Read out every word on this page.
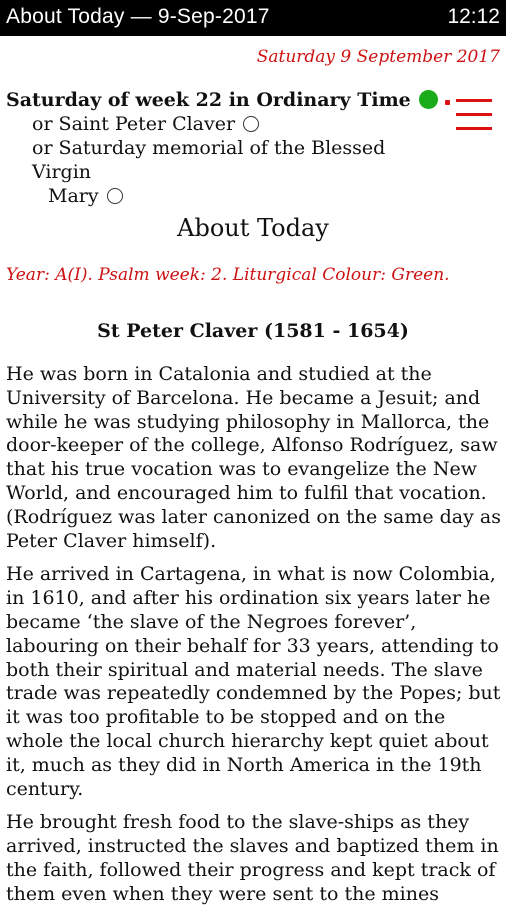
About Today — 9-Sep-2017	12:12
Saturday 9 September 2017
Saturday of week 22 in Ordinary Time
or Saint Peter Claver
or Saturday memorial of the Blessed Virgin
Mary
About Today
Year: A(I). Psalm week: 2. Liturgical Colour: Green.
St Peter Claver (1581 - 1654)

He was born in Catalonia and studied at the University of Barcelona. He became a Jesuit; and while he was studying philosophy in Mallorca, the door-keeper of the college, Alfonso Rodríguez, saw that his true vocation was to evangelize the New World, and encouraged him to fulfil that vocation. (Rodríguez was later canonized on the same day as Peter Claver himself).

He arrived in Cartagena, in what is now Colombia, in 1610, and after his ordination six years later he became ‘the slave of the Negroes forever’, labouring on their behalf for 33 years, attending to both their spiritual and material needs. The slave trade was repeatedly condemned by the Popes; but it was too profitable to be stopped and on the whole the local church hierarchy kept quiet about it, much as they did in North America in the 19th century.

He brought fresh food to the slave-ships as they arrived, instructed the slaves and baptized them in the faith, followed their progress and kept track of them even when they were sent to the mines
